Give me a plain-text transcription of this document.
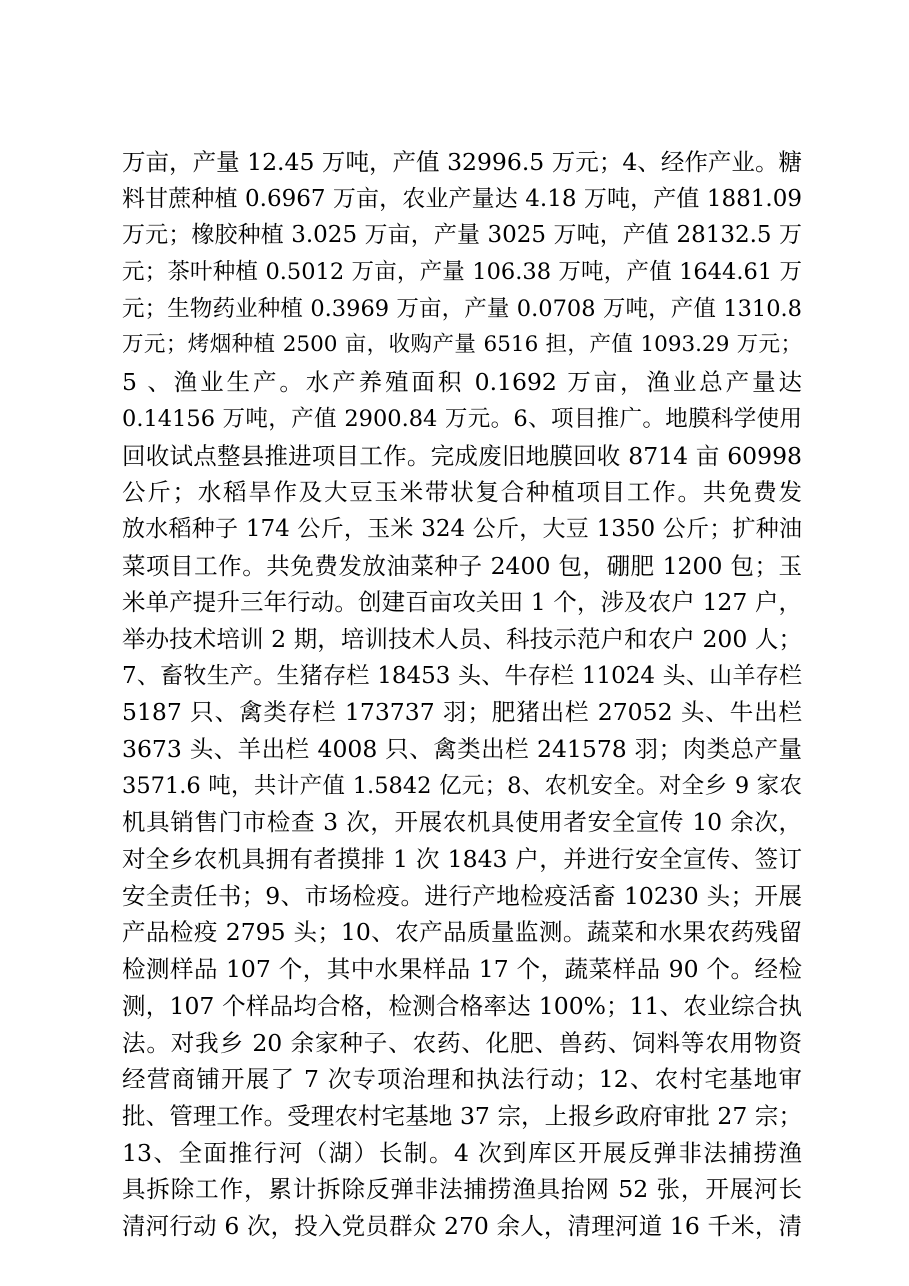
万亩，产量 12.45 万吨，产值 32996.5 万元；4、经作产业。糖
料甘蔗种植 0.6967 万亩，农业产量达 4.18 万吨，产值 1881.09
万元；橡胶种植 3.025 万亩，产量 3025 万吨，产值 28132.5 万
元；茶叶种植 0.5012 万亩，产量 106.38 万吨，产值 1644.61 万
元；生物药业种植 0.3969 万亩，产量 0.0708 万吨，产值 1310.8
万元；烤烟种植 2500 亩，收购产量 6516 担，产值 1093.29 万元；
5 、渔业生产。水产养殖面积 0.1692 万亩，渔业总产量达
0.14156 万吨，产值 2900.84 万元。6、项目推广。地膜科学使用
回收试点整县推进项目工作。完成废旧地膜回收 8714 亩 60998
公斤；水稻旱作及大豆玉米带状复合种植项目工作。共免费发
放水稻种子 174 公斤，玉米 324 公斤，大豆 1350 公斤；扩种油
菜项目工作。共免费发放油菜种子 2400 包，硼肥 1200 包；玉
米单产提升三年行动。创建百亩攻关田 1 个，涉及农户 127 户，
举办技术培训 2 期，培训技术人员、科技示范户和农户 200 人；
7、畜牧生产。生猪存栏 18453 头、牛存栏 11024 头、山羊存栏
5187 只、禽类存栏 173737 羽；肥猪出栏 27052 头、牛出栏
3673 头、羊出栏 4008 只、禽类出栏 241578 羽；肉类总产量
3571.6 吨，共计产值 1.5842 亿元；8、农机安全。对全乡 9 家农
机具销售门市检查 3 次，开展农机具使用者安全宣传 10 余次，
对全乡农机具拥有者摸排 1 次 1843 户，并进行安全宣传、签订
安全责任书；9、市场检疫。进行产地检疫活畜 10230 头；开展
产品检疫 2795 头；10、农产品质量监测。蔬菜和水果农药残留
检测样品 107 个，其中水果样品 17 个，蔬菜样品 90 个。经检
测，107 个样品均合格，检测合格率达 100%；11、农业综合执
法。对我乡 20 余家种子、农药、化肥、兽药、饲料等农用物资
经营商铺开展了 7 次专项治理和执法行动；12、农村宅基地审
批、管理工作。受理农村宅基地 37 宗，上报乡政府审批 27 宗；
13、全面推行河（湖）长制。4 次到库区开展反弹非法捕捞渔
具拆除工作，累计拆除反弹非法捕捞渔具抬网 52 张，开展河长
清河行动 6 次，投入党员群众 270 余人，清理河道 16 千米，清
